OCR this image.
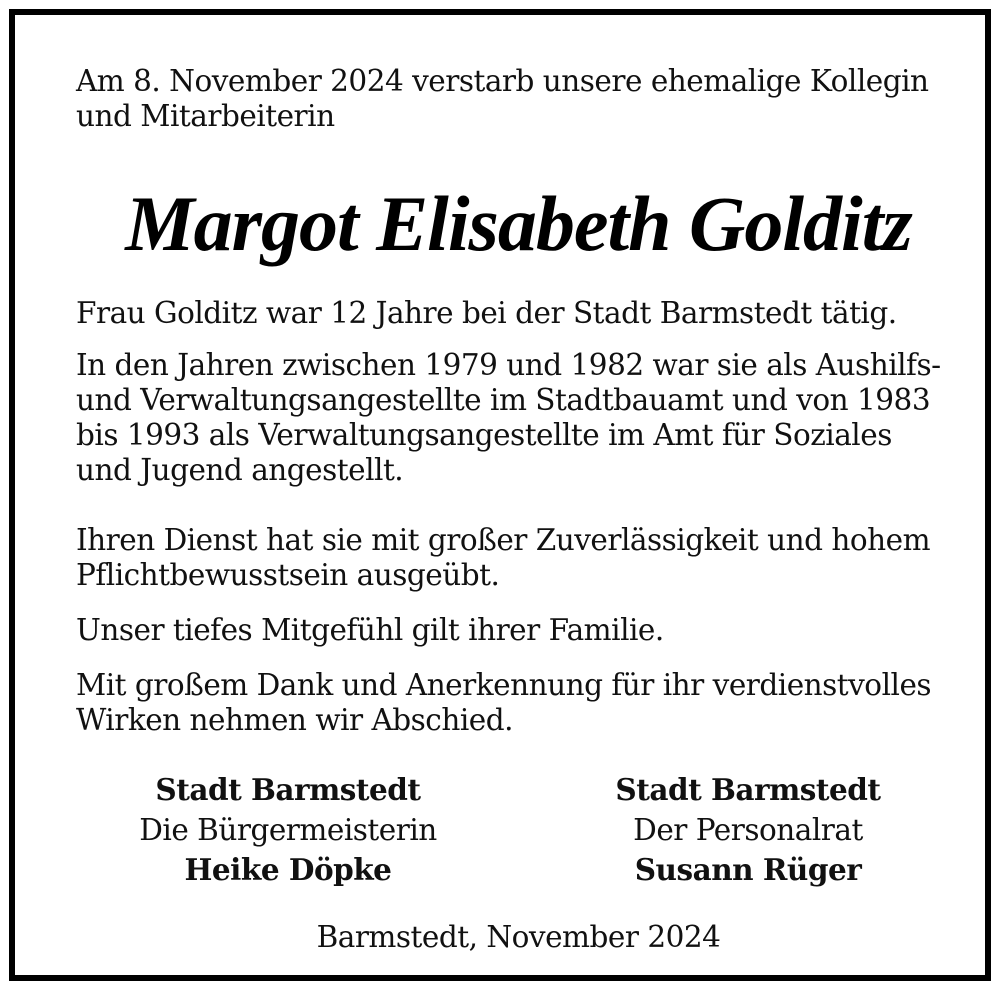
Am 8. November 2024 verstarb unsere ehemalige Kollegin
und Mitarbeiterin

Margot Elisabeth Golditz

Frau Golditz war 12 Jahre bei der Stadt Barmstedt tätig.

In den Jahren zwischen 1979 und 1982 war sie als Aushilfs-
und Verwaltungsangestellte im Stadtbauamt und von 1983
bis 1993 als Verwaltungsangestellte im Amt für Soziales
und Jugend angestellt.

Ihren Dienst hat sie mit großer Zuverlässigkeit und hohem
Pflichtbewusstsein ausgeübt.

Unser tiefes Mitgefühl gilt ihrer Familie.

Mit großem Dank und Anerkennung für ihr verdienstvolles
Wirken nehmen wir Abschied.

Stadt Barmstedt
Die Bürgermeisterin
Heike Döpke
Stadt Barmstedt
Der Personalrat
Susann Rüger
Barmstedt, November 2024
